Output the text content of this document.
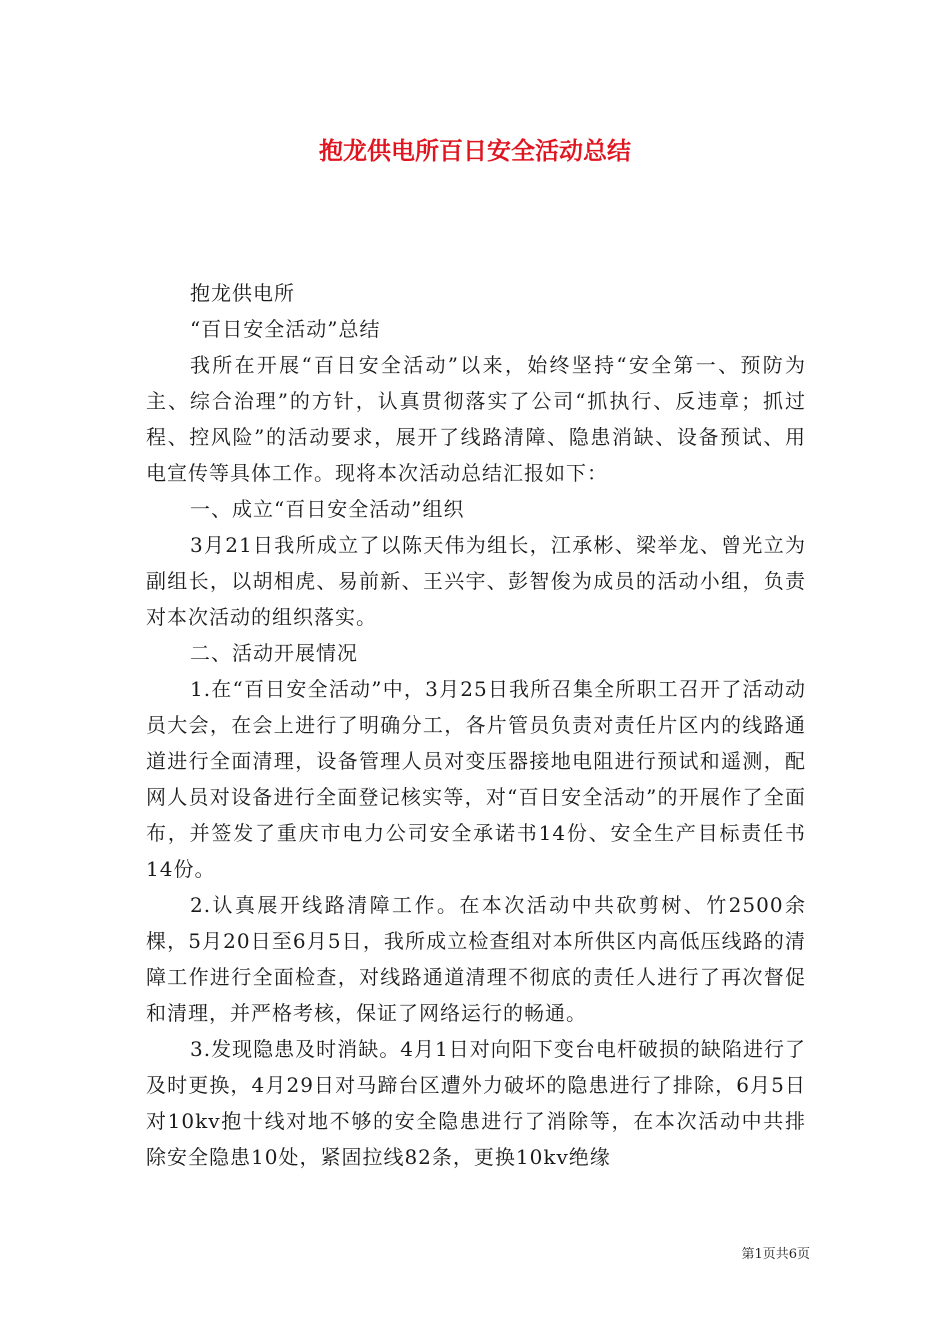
抱龙供电所百日安全活动总结

抱龙供电所

“百日安全活动”总结

我所在开展“百日安全活动”以来，始终坚持“安全第一、预防为主、综合治理”的方针，认真贯彻落实了公司“抓执行、反违章；抓过程、控风险”的活动要求，展开了线路清障、隐患消缺、设备预试、用电宣传等具体工作。现将本次活动总结汇报如下：

一、成立“百日安全活动”组织

3月21日我所成立了以陈天伟为组长，江承彬、梁举龙、曾光立为副组长，以胡相虎、易前新、王兴宇、彭智俊为成员的活动小组，负责对本次活动的组织落实。

二、活动开展情况

1.在“百日安全活动”中，3月25日我所召集全所职工召开了活动动员大会，在会上进行了明确分工，各片管员负责对责任片区内的线路通道进行全面清理，设备管理人员对变压器接地电阻进行预试和遥测，配网人员对设备进行全面登记核实等，对“百日安全活动”的开展作了全面布，并签发了重庆市电力公司安全承诺书14份、安全生产目标责任书14份。

2.认真展开线路清障工作。在本次活动中共砍剪树、竹2500余棵，5月20日至6月5日，我所成立检查组对本所供区内高低压线路的清障工作进行全面检查，对线路通道清理不彻底的责任人进行了再次督促和清理，并严格考核，保证了网络运行的畅通。

3.发现隐患及时消缺。4月1日对向阳下变台电杆破损的缺陷进行了及时更换，4月29日对马蹄台区遭外力破坏的隐患进行了排除，6月5日对10kv抱十线对地不够的安全隐患进行了消除等，在本次活动中共排除安全隐患10处，紧固拉线82条，更换10kv绝缘

第1页共6页
